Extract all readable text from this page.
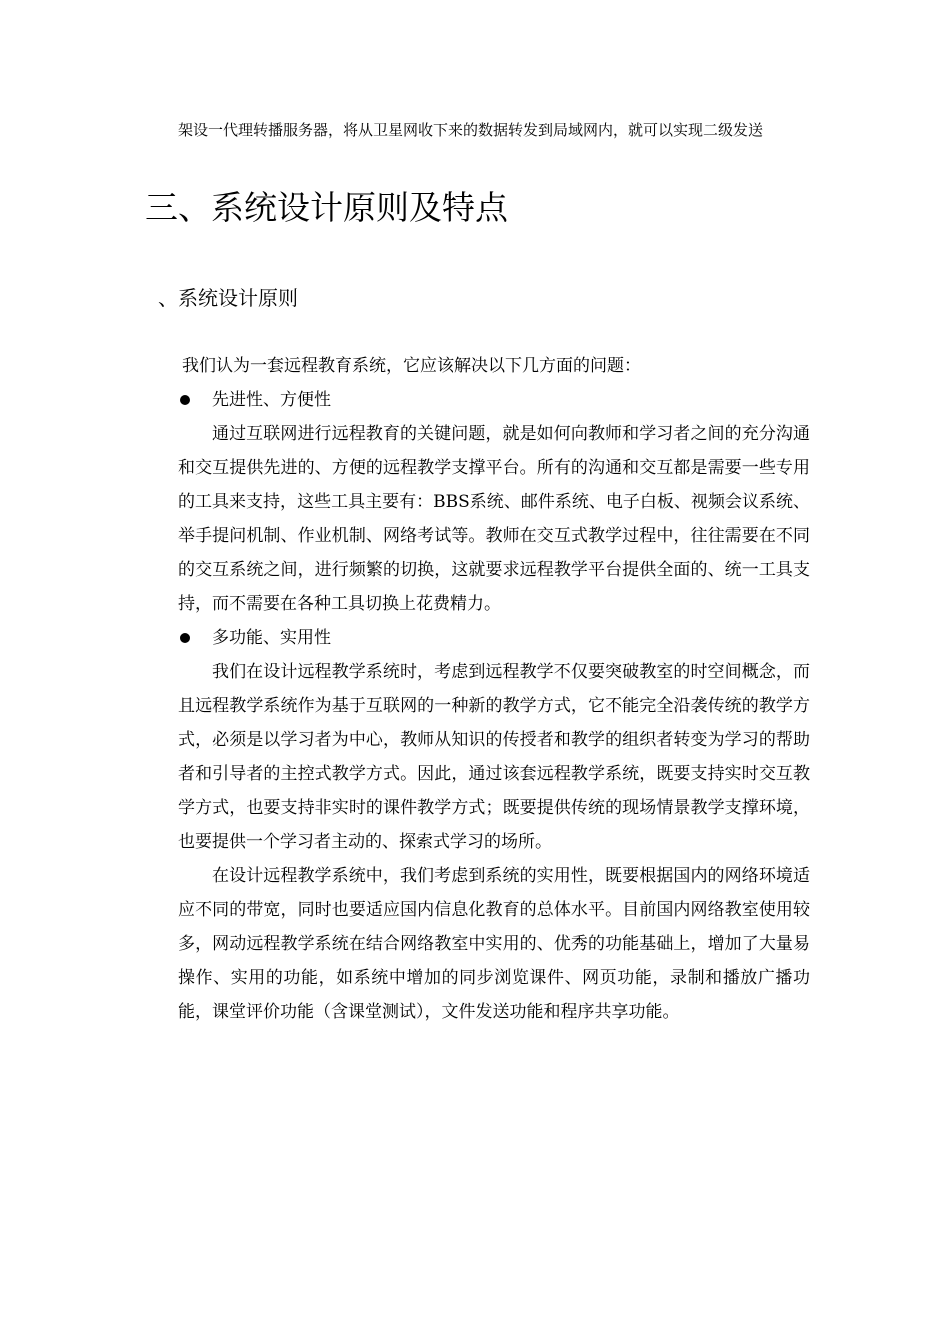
架设一代理转播服务器，将从卫星网收下来的数据转发到局域网内，就可以实现二级发送
三、系统设计原则及特点
、系统设计原则

我们认为一套远程教育系统，它应该解决以下几方面的问题：

先进性、方便性

通过互联网进行远程教育的关键问题，就是如何向教师和学习者之间的充分沟通和交互提供先进的、方便的远程教学支撑平台。所有的沟通和交互都是需要一些专用的工具来支持，这些工具主要有：BBS系统、邮件系统、电子白板、视频会议系统、举手提问机制、作业机制、网络考试等。教师在交互式教学过程中，往往需要在不同的交互系统之间，进行频繁的切换，这就要求远程教学平台提供全面的、统一工具支持，而不需要在各种工具切换上花费精力。

多功能、实用性

我们在设计远程教学系统时，考虑到远程教学不仅要突破教室的时空间概念，而且远程教学系统作为基于互联网的一种新的教学方式，它不能完全沿袭传统的教学方式，必须是以学习者为中心，教师从知识的传授者和教学的组织者转变为学习的帮助者和引导者的主控式教学方式。因此，通过该套远程教学系统，既要支持实时交互教学方式，也要支持非实时的课件教学方式；既要提供传统的现场情景教学支撑环境，也要提供一个学习者主动的、探索式学习的场所。

在设计远程教学系统中，我们考虑到系统的实用性，既要根据国内的网络环境适应不同的带宽，同时也要适应国内信息化教育的总体水平。目前国内网络教室使用较多，网动远程教学系统在结合网络教室中实用的、优秀的功能基础上，增加了大量易操作、实用的功能，如系统中增加的同步浏览课件、网页功能，录制和播放广播功能，课堂评价功能（含课堂测试），文件发送功能和程序共享功能。
